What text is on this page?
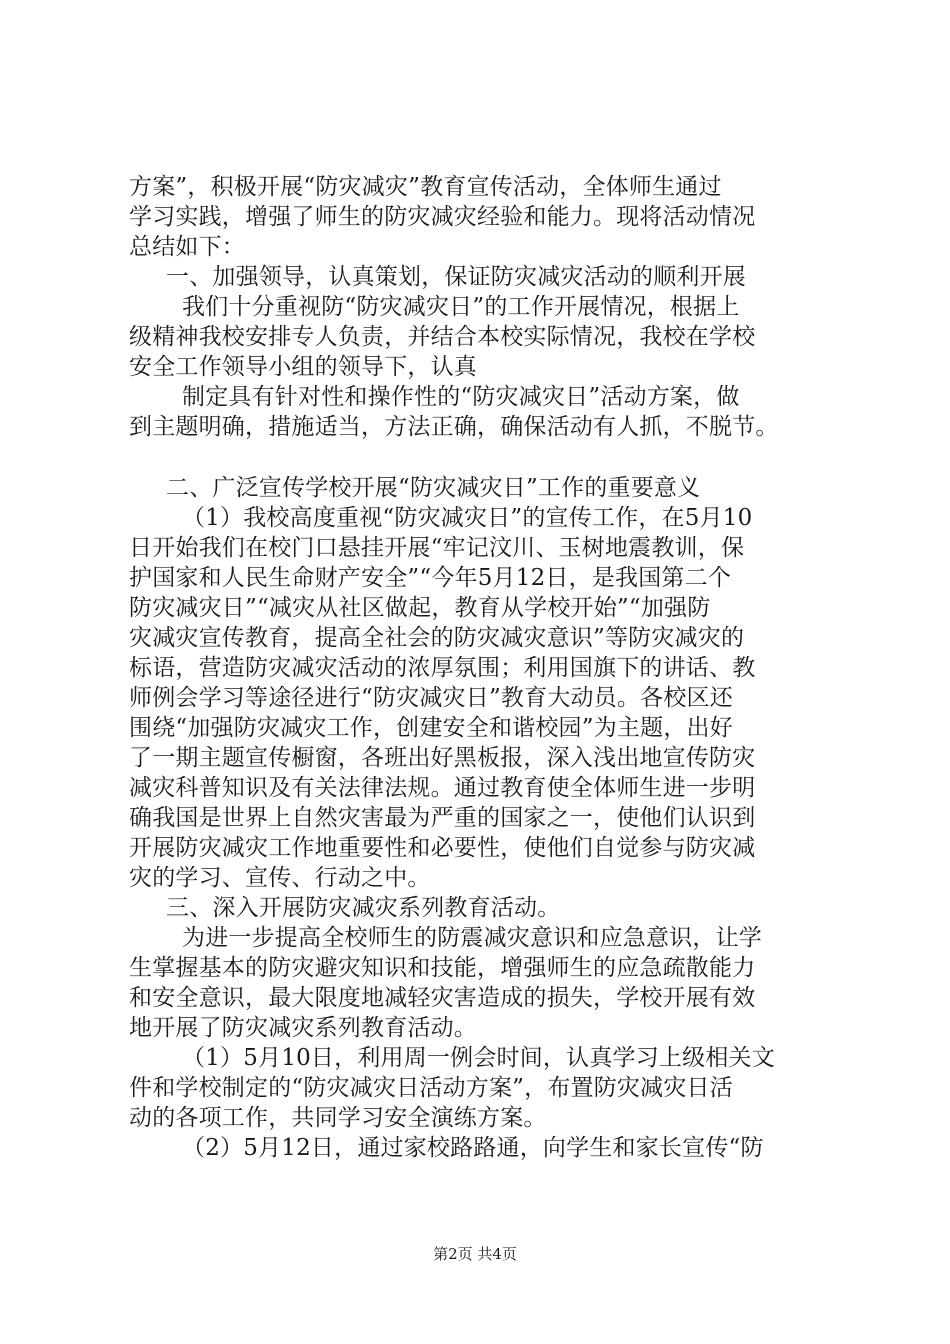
方案”，积极开展“防灾减灾”教育宣传活动，全体师生通过
学习实践，增强了师生的防灾减灾经验和能力。现将活动情况
总结如下：
一、加强领导，认真策划，保证防灾减灾活动的顺利开展
我们十分重视防“防灾减灾日”的工作开展情况，根据上
级精神我校安排专人负责，并结合本校实际情况，我校在学校
安全工作领导小组的领导下，认真
制定具有针对性和操作性的“防灾减灾日”活动方案，做
到主题明确，措施适当，方法正确，确保活动有人抓，不脱节。
二、广泛宣传学校开展“防灾减灾日”工作的重要意义
（1）我校高度重视“防灾减灾日”的宣传工作，在5月10
日开始我们在校门口悬挂开展“牢记汶川、玉树地震教训，保
护国家和人民生命财产安全”“今年5月12日，是我国第二个
防灾减灾日”“减灾从社区做起，教育从学校开始”“加强防
灾减灾宣传教育，提高全社会的防灾减灾意识”等防灾减灾的
标语，营造防灾减灾活动的浓厚氛围；利用国旗下的讲话、教
师例会学习等途径进行“防灾减灾日”教育大动员。各校区还
围绕“加强防灾减灾工作，创建安全和谐校园”为主题，出好
了一期主题宣传橱窗，各班出好黑板报，深入浅出地宣传防灾
减灾科普知识及有关法律法规。通过教育使全体师生进一步明
确我国是世界上自然灾害最为严重的国家之一，使他们认识到
开展防灾减灾工作地重要性和必要性，使他们自觉参与防灾减
灾的学习、宣传、行动之中。
三、深入开展防灾减灾系列教育活动。
为进一步提高全校师生的防震减灾意识和应急意识，让学
生掌握基本的防灾避灾知识和技能，增强师生的应急疏散能力
和安全意识，最大限度地减轻灾害造成的损失，学校开展有效
地开展了防灾减灾系列教育活动。
（1）5月10日，利用周一例会时间，认真学习上级相关文
件和学校制定的“防灾减灾日活动方案”，布置防灾减灾日活
动的各项工作，共同学习安全演练方案。
（2）5月12日，通过家校路路通，向学生和家长宣传“防
第2页 共4页
